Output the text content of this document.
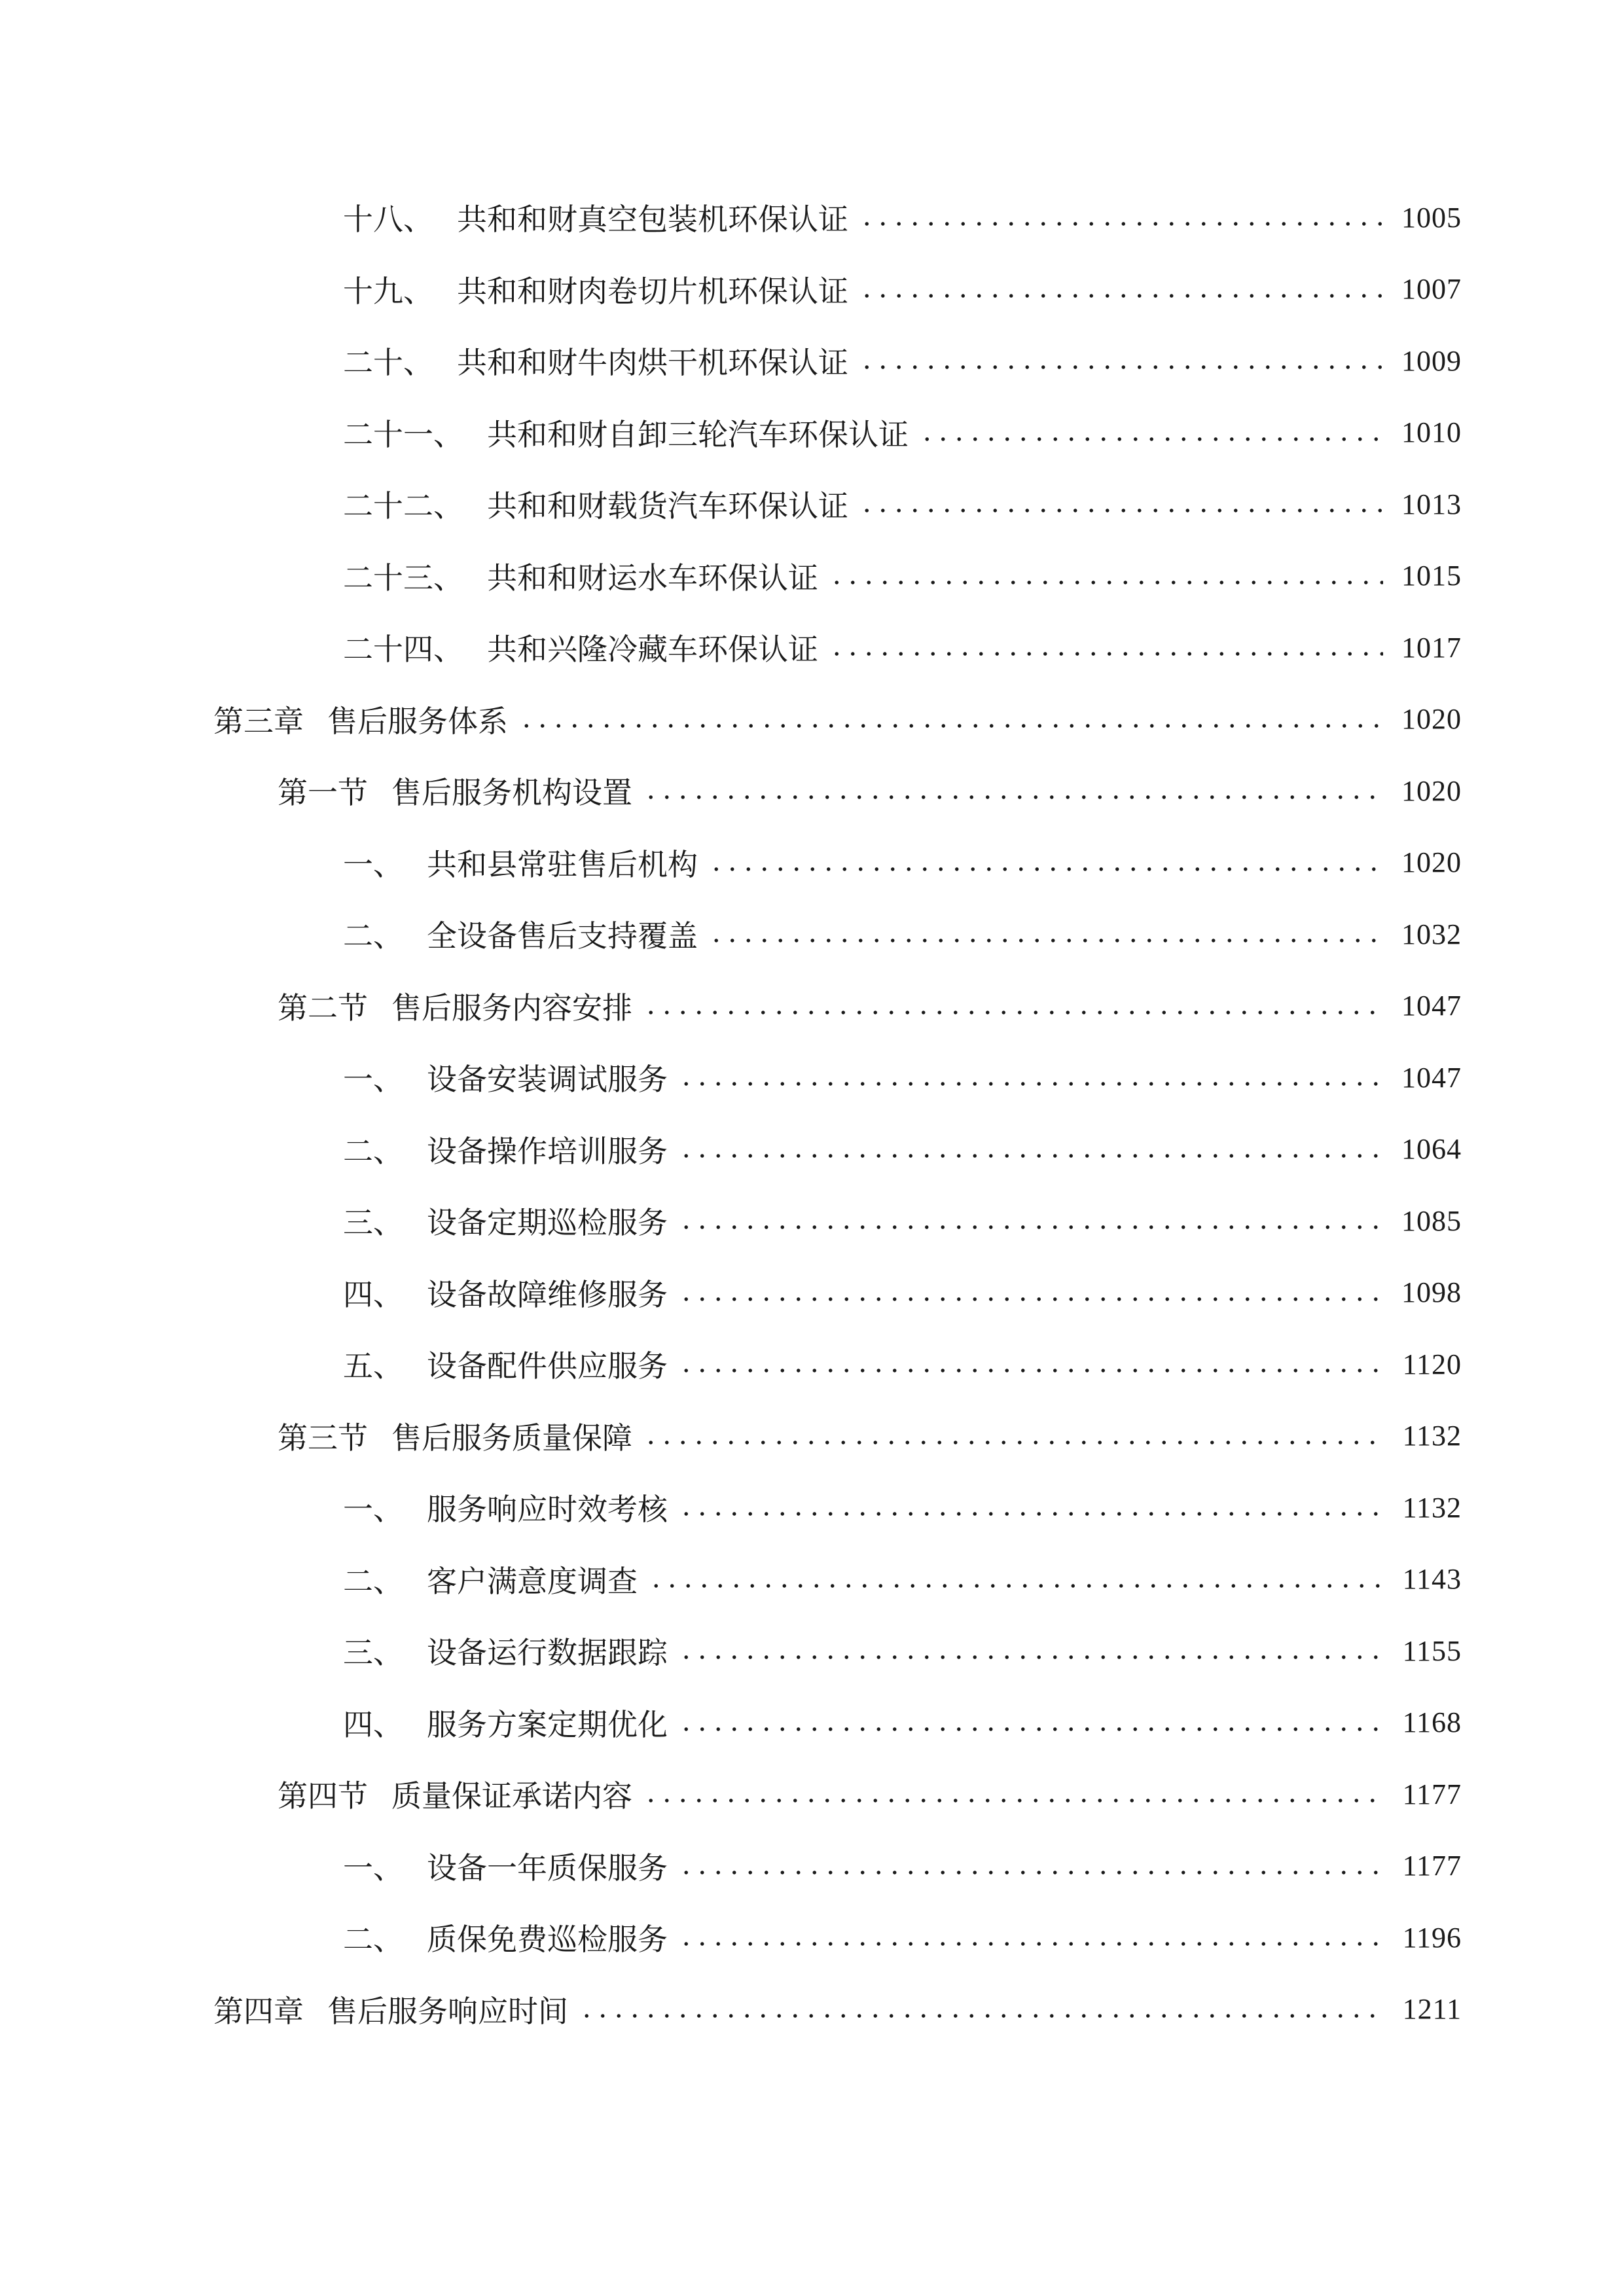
十八、 共和和财真空包装机环保认证	1005
十九、 共和和财肉卷切片机环保认证	1007
二十、 共和和财牛肉烘干机环保认证	1009
二十一、 共和和财自卸三轮汽车环保认证	1010
二十二、 共和和财载货汽车环保认证	1013
二十三、 共和和财运水车环保认证	1015
二十四、 共和兴隆冷藏车环保认证	1017
第三章 售后服务体系	1020
第一节 售后服务机构设置	1020
一、 共和县常驻售后机构	1020
二、 全设备售后支持覆盖	1032
第二节 售后服务内容安排	1047
一、 设备安装调试服务	1047
二、 设备操作培训服务	1064
三、 设备定期巡检服务	1085
四、 设备故障维修服务	1098
五、 设备配件供应服务	1120
第三节 售后服务质量保障	1132
一、 服务响应时效考核	1132
二、 客户满意度调查	1143
三、 设备运行数据跟踪	1155
四、 服务方案定期优化	1168
第四节 质量保证承诺内容	1177
一、 设备一年质保服务	1177
二、 质保免费巡检服务	1196
第四章 售后服务响应时间	1211
